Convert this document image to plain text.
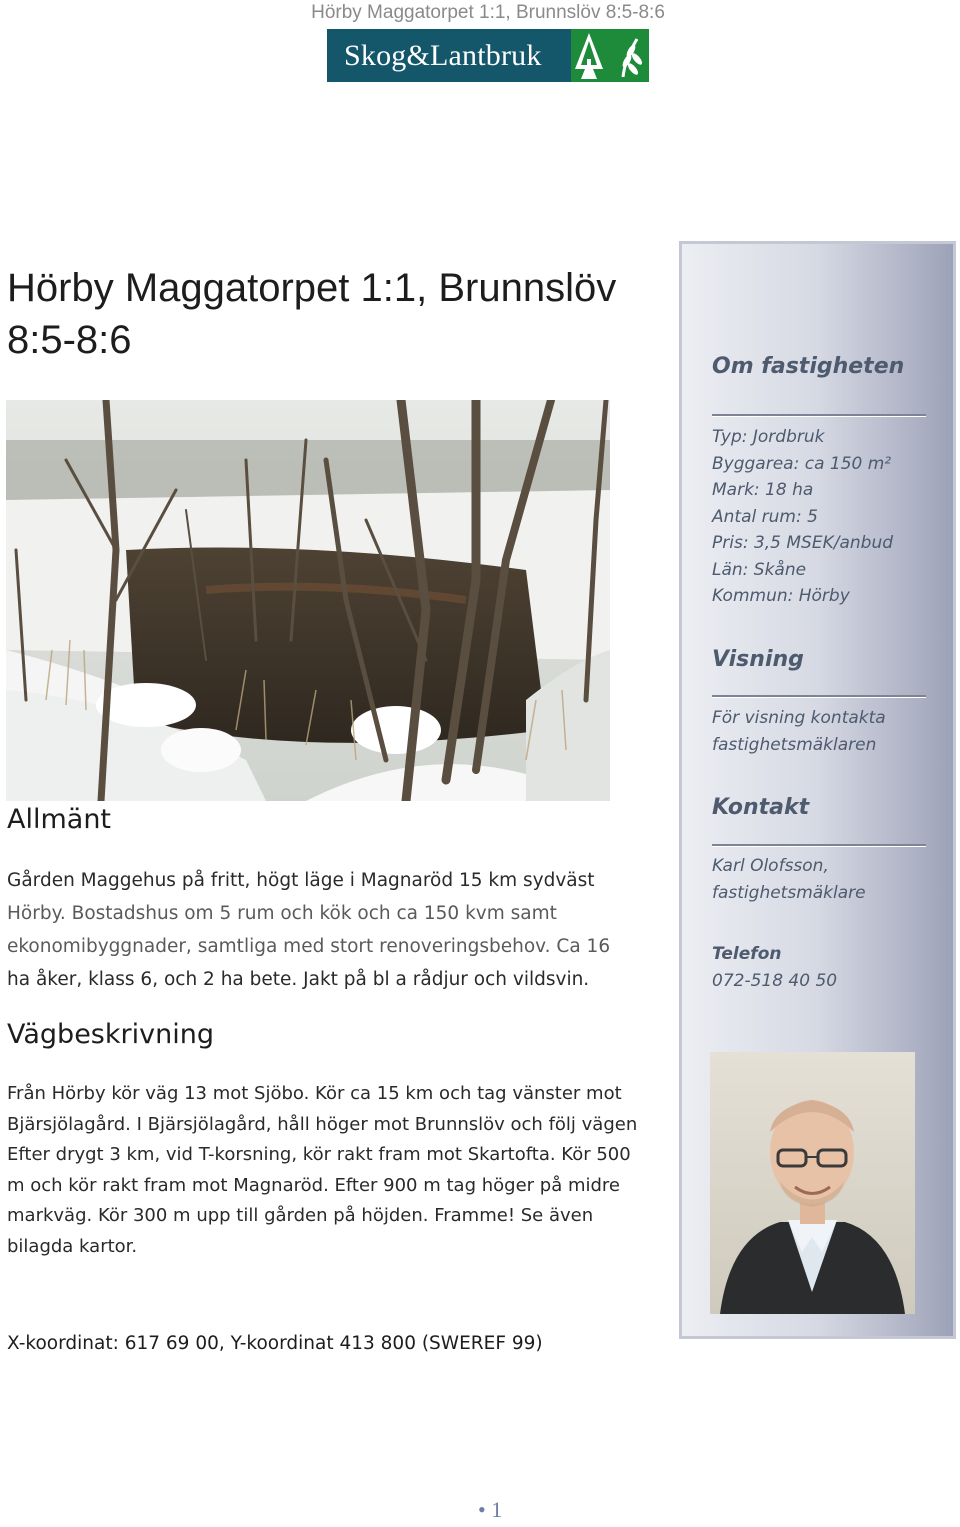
Hörby Maggatorpet 1:1, Brunnslöv 8:5-8:6
Skog&Lantbruk
Hörby Maggatorpet 1:1, Brunnslöv
8:5-8:6
Allmänt
Gården Maggehus på fritt, högt läge i Magnaröd 15 km sydväst
Hörby. Bostadshus om 5 rum och kök och ca 150 kvm samt
ekonomibyggnader, samtliga med stort renoveringsbehov. Ca 16
ha åker, klass 6, och 2 ha bete. Jakt på bl a rådjur och vildsvin.
Vägbeskrivning
Från Hörby kör väg 13 mot Sjöbo. Kör ca 15 km och tag vänster mot
Bjärsjölagård. I Bjärsjölagård, håll höger mot Brunnslöv och följ vägen
Efter drygt 3 km, vid T-korsning, kör rakt fram mot Skartofta. Kör 500
m och kör rakt fram mot Magnaröd. Efter 900 m tag höger på midre
markväg. Kör 300 m upp till gården på höjden. Framme! Se även
bilagda kartor.

X-koordinat: 617 69 00, Y-koordinat 413 800 (SWEREF 99)

• 1
Om fastigheten
Typ: Jordbruk
Byggarea: ca 150 m²
Mark: 18 ha
Antal rum: 5
Pris: 3,5 MSEK/anbud
Län: Skåne
Kommun: Hörby
Visning
För visning kontakta
fastighetsmäklaren
Kontakt
Karl Olofsson,
fastighetsmäklare
Telefon
072-518 40 50
